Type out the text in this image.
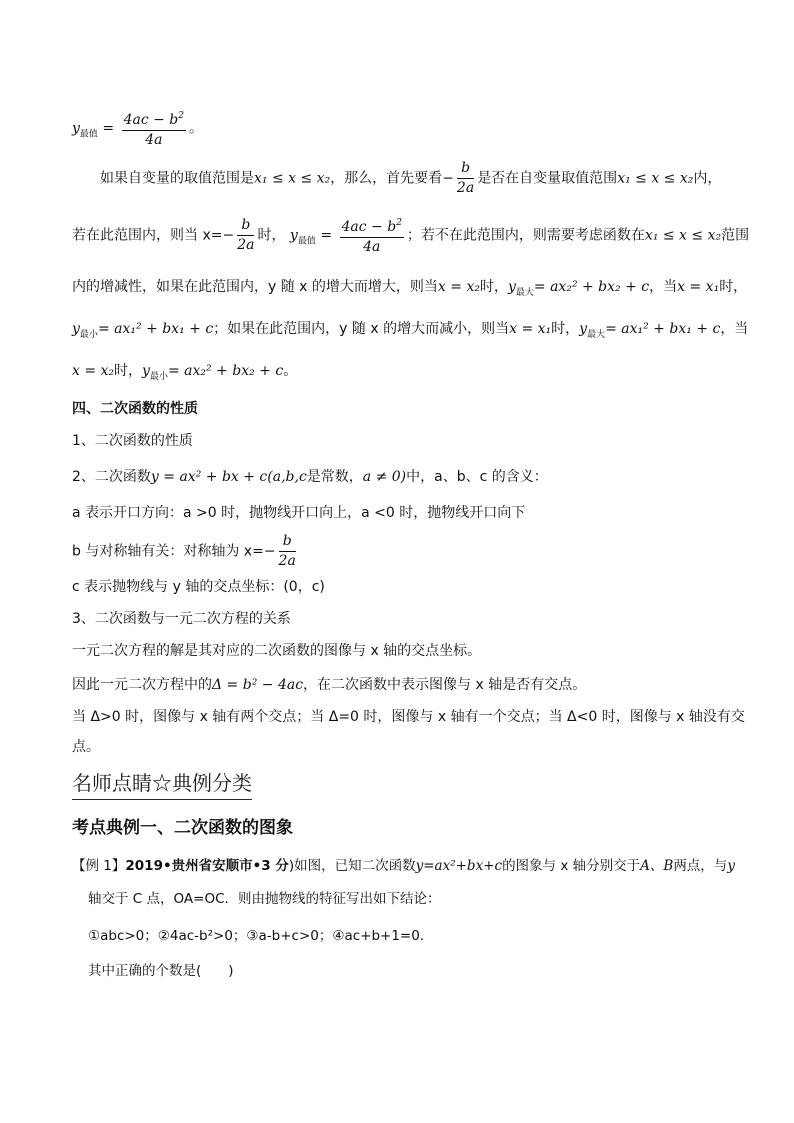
$y_{最值} = \frac{4ac - b^2}{4a}$ 。
如果自变量的取值范围是x₁ ≤ x ≤ x₂，那么，首先要看− $\frac{b}{2a}$ 是否在自变量取值范围x₁ ≤ x ≤ x₂内，
若在此范围内，则当 $x=- \frac{b}{2a}$ 时， $y_{最值} = \frac{4ac - b^2}{4a}$ ；若不在此范围内，则需要考虑函数在x₁ ≤ x ≤ x₂范围
内的增减性，如果在此范围内，y 随 x 的增大而增大，则当x = x₂时，$y_{最大}= ax_2^2 + bx_2 + c$，当x = x₁时，
$y_{最小}= ax_1^2 + bx_1 + c$；如果在此范围内，y 随 x 的增大而减小，则当x = x₁时，$y_{最大}= ax_1^2 + bx_1 + c$，当
x = x₂时，$y_{最小}= ax_2^2 + bx_2 + c$。
四、二次函数的性质
1、二次函数的性质
2、二次函数y = ax² + bx + c(a,b,c是常数，a ≠ 0)中，a、b、c 的含义：
a 表示开口方向：a >0 时，抛物线开口向上，a <0 时，抛物线开口向下
b 与对称轴有关：对称轴为 $x=- \frac{b}{2a}$
c 表示抛物线与 y 轴的交点坐标：(0，c)
3、二次函数与一元二次方程的关系
一元二次方程的解是其对应的二次函数的图像与 x 轴的交点坐标。
因此一元二次方程中的Δ = b² − 4ac，在二次函数中表示图像与 x 轴是否有交点。
当 Δ>0 时，图像与 x 轴有两个交点；当 Δ=0 时，图像与 x 轴有一个交点；当 Δ<0 时，图像与 x 轴没有交
点。
名师点睛☆典例分类
考点典例一、二次函数的图象
【例 1】2019•贵州省安顺市•3 分)如图，已知二次函数y=ax²+bx+c的图象与 x 轴分别交于A、B两点，与y
轴交于 C 点，OA=OC．则由抛物线的特征写出如下结论：
①abc>0；②4ac-b²>0；③a-b+c>0；④ac+b+1=0．
其中正确的个数是(　　)
